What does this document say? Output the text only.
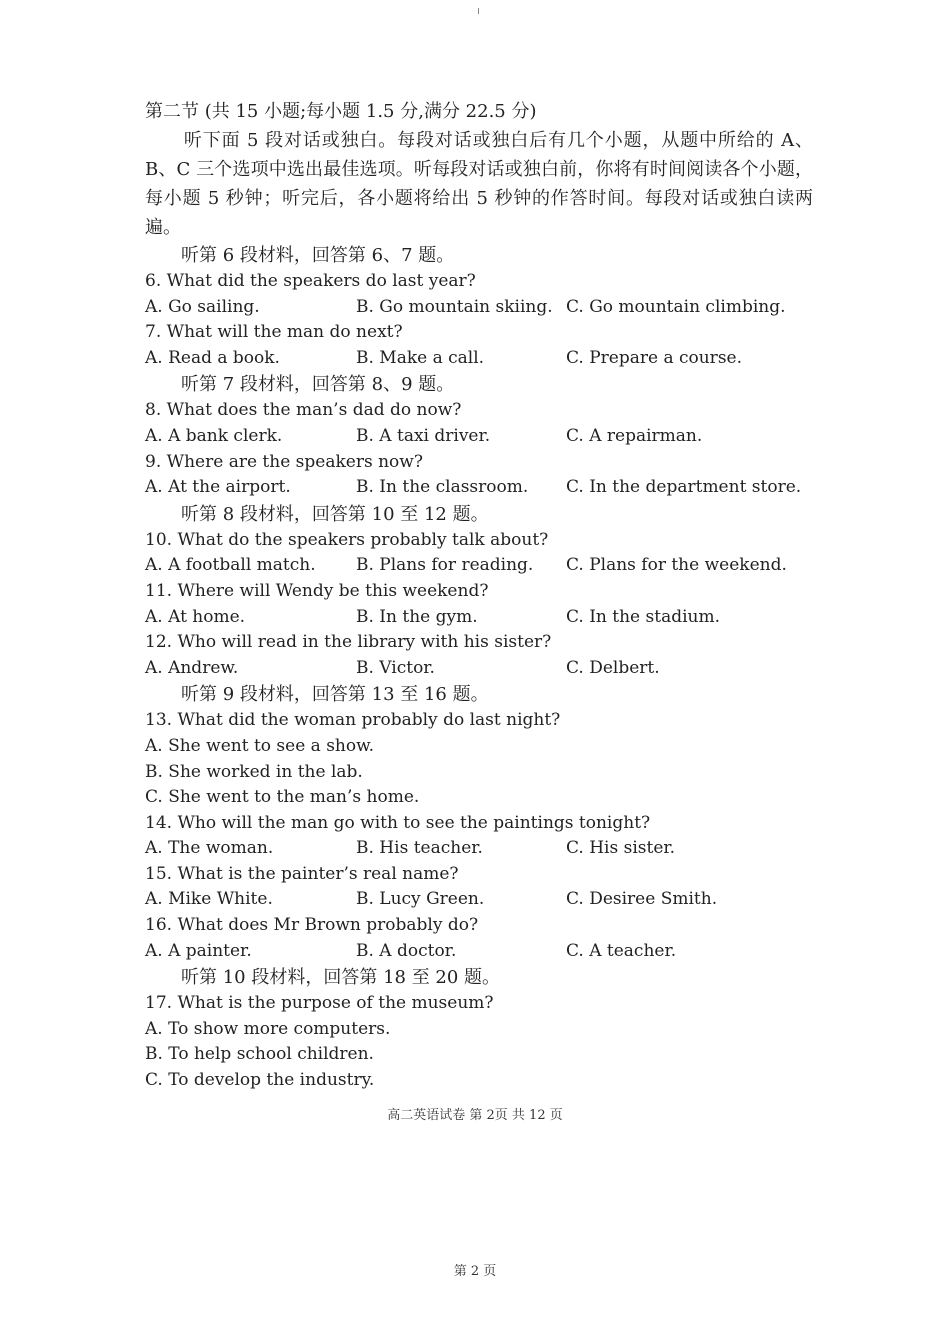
第二节 (共 15 小题;每小题 1.5 分,满分 22.5 分)

听下面 5 段对话或独白。每段对话或独白后有几个小题，从题中所给的 A、B、C 三个选项中选出最佳选项。听每段对话或独白前，你将有时间阅读各个小题，每小题 5 秒钟；听完后，各小题将给出 5 秒钟的作答时间。每段对话或独白读两遍。

听第 6 段材料，回答第 6、7 题。
6. What did the speakers do last year?
A. Go sailing.	B. Go mountain skiing. C. Go mountain climbing.
7. What will the man do next?
A. Read a book.	B. Make a call.	C. Prepare a course.
听第 7 段材料，回答第 8、9 题。
8. What does the man’s dad do now?
A. A bank clerk.	B. A taxi driver.	C. A repairman.
9. Where are the speakers now?
A. At the airport.	B. In the classroom. C. In the department store.
听第 8 段材料，回答第 10 至 12 题。
10. What do the speakers probably talk about?
A. A football match. B. Plans for reading. C. Plans for the weekend.
11. Where will Wendy be this weekend?
A. At home.	B. In the gym.	C. In the stadium.
12. Who will read in the library with his sister?
A. Andrew.	B. Victor.	C. Delbert.
听第 9 段材料，回答第 13 至 16 题。
13. What did the woman probably do last night?
A. She went to see a show.
B. She worked in the lab.
C. She went to the man’s home.
14. Who will the man go with to see the paintings tonight?
A. The woman.	B. His teacher.	C. His sister.
15. What is the painter’s real name?
A. Mike White.	B. Lucy Green.	C. Desiree Smith.
16. What does Mr Brown probably do?
A. A painter.	B. A doctor.	C. A teacher.
听第 10 段材料，回答第 18 至 20 题。
17. What is the purpose of the museum?
A. To show more computers.
B. To help school children.
C. To develop the industry.
高二英语试卷 第 2页 共 12 页
第 2 页
